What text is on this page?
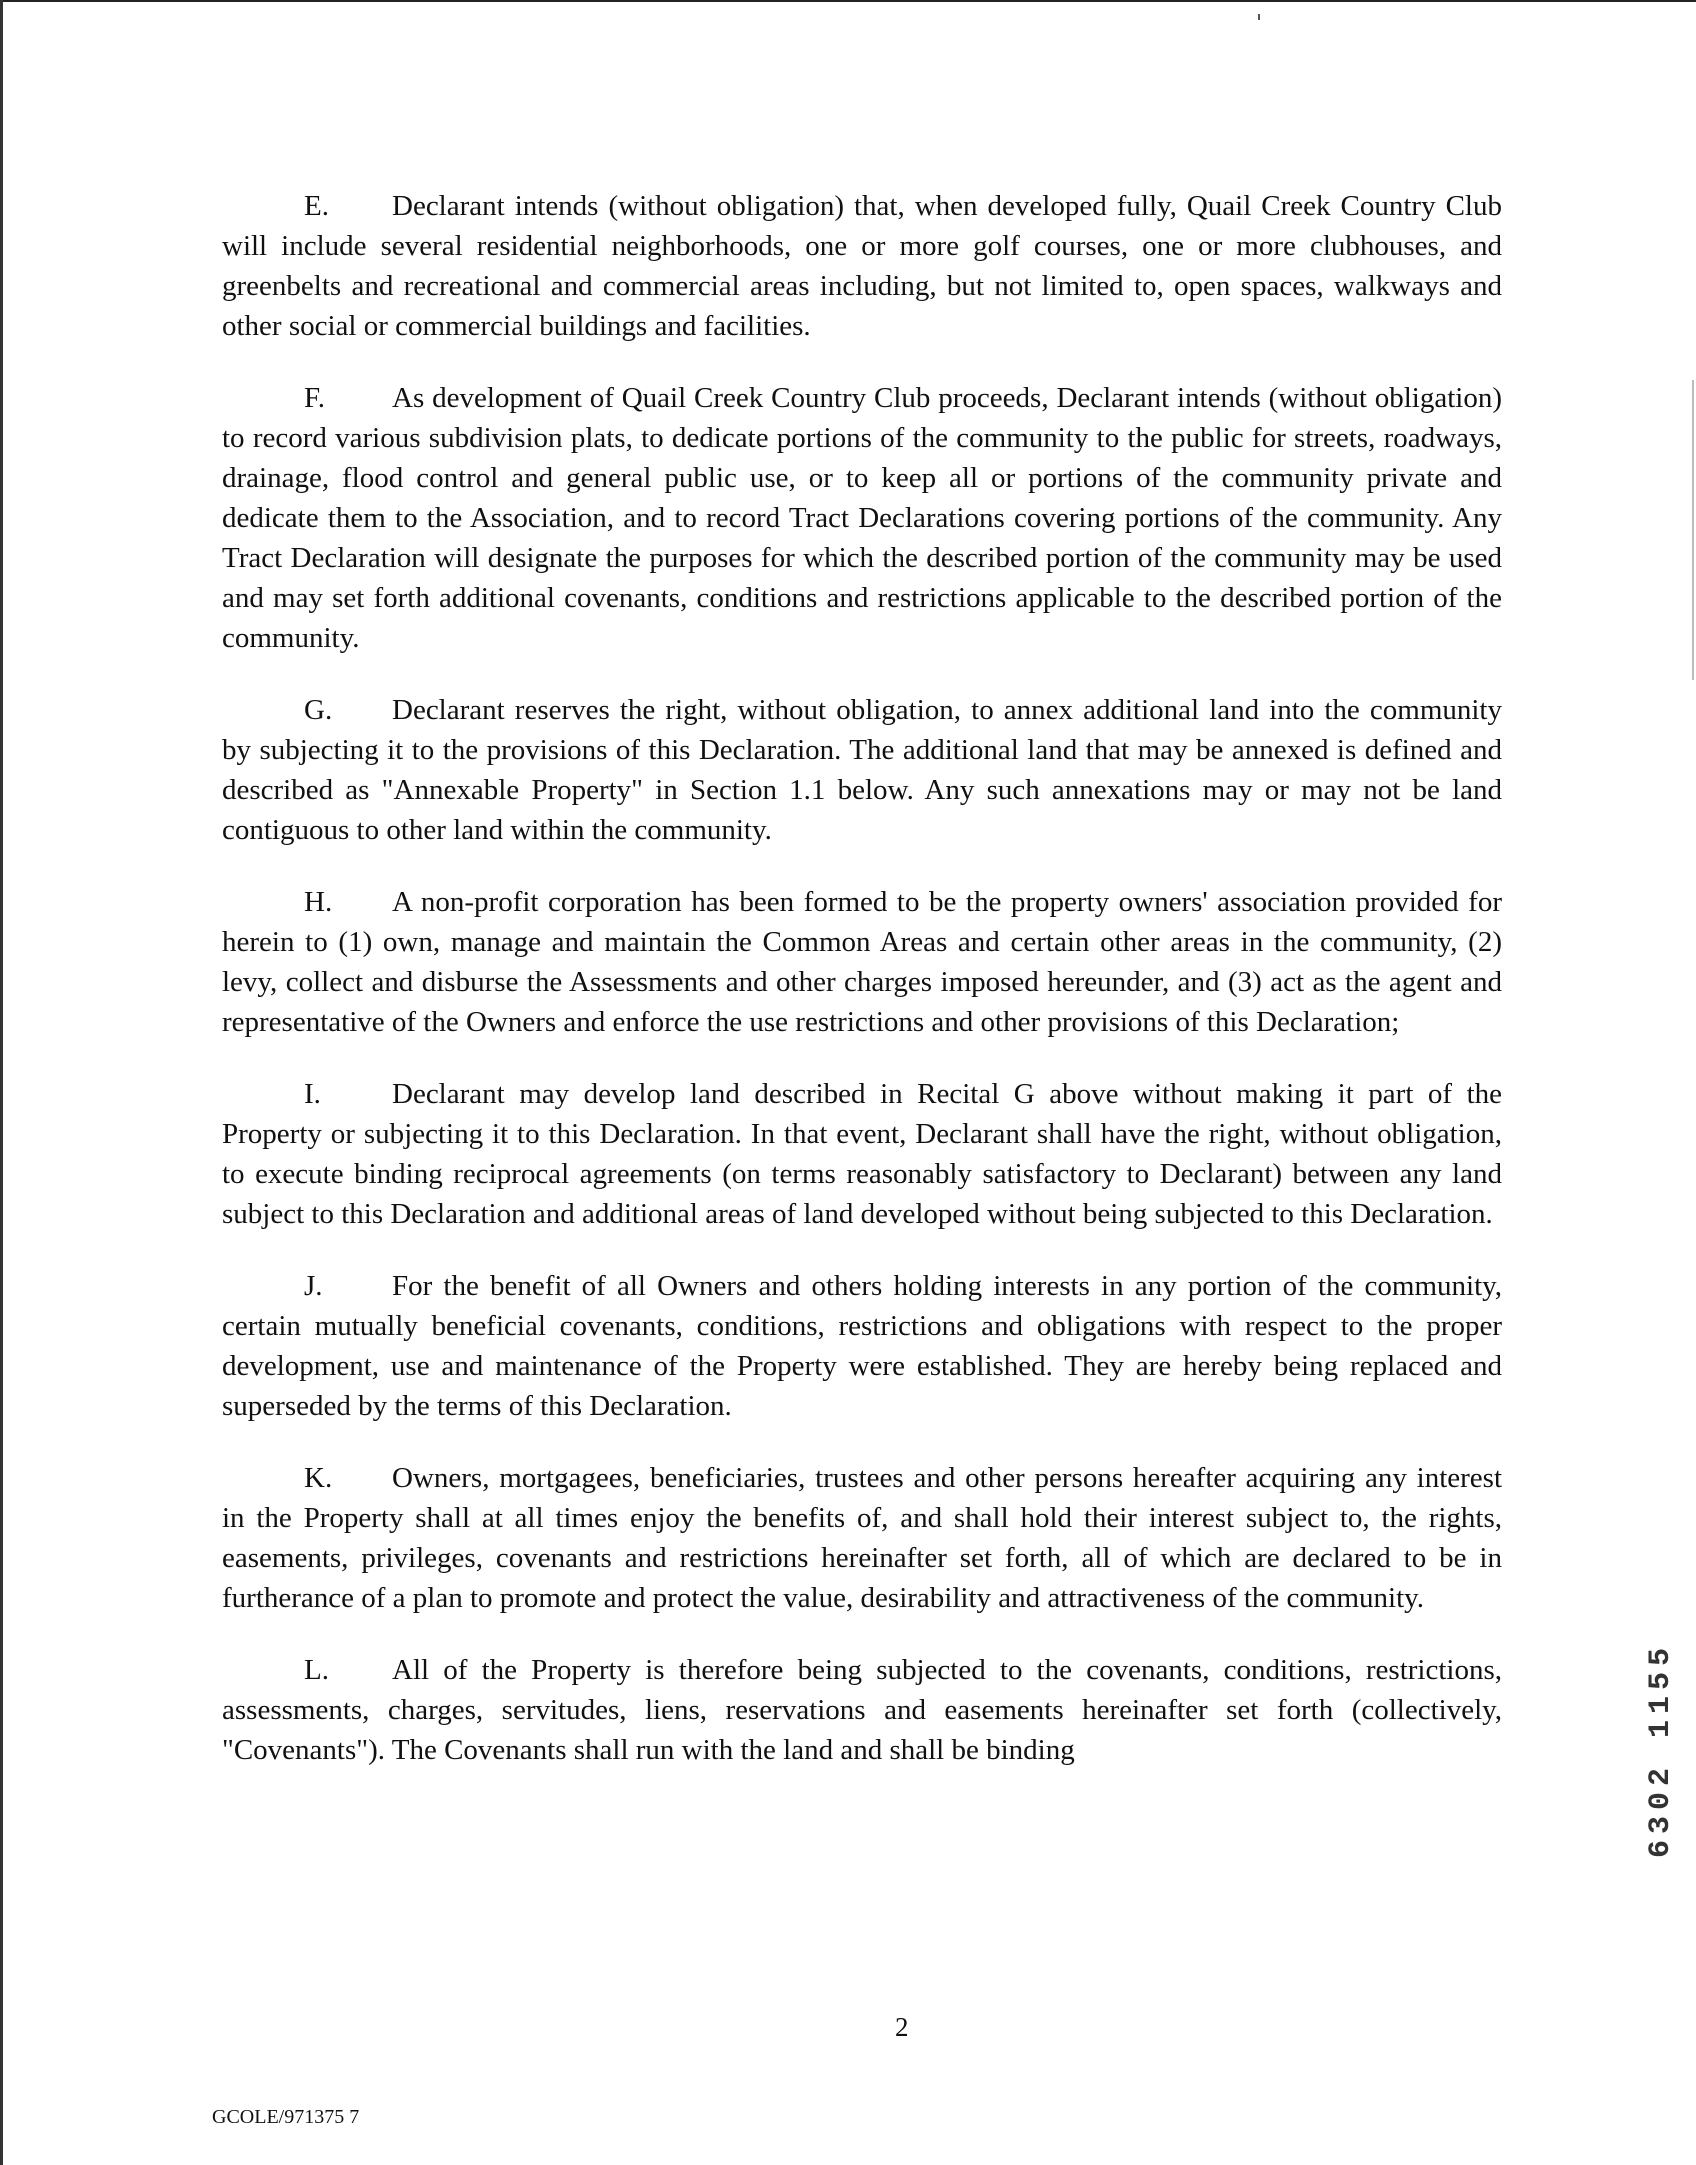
E. Declarant intends (without obligation) that, when developed fully, Quail Creek Country Club will include several residential neighborhoods, one or more golf courses, one or more clubhouses, and greenbelts and recreational and commercial areas including, but not limited to, open spaces, walkways and other social or commercial buildings and facilities.

F. As development of Quail Creek Country Club proceeds, Declarant intends (without obligation) to record various subdivision plats, to dedicate portions of the community to the public for streets, roadways, drainage, flood control and general public use, or to keep all or portions of the community private and dedicate them to the Association, and to record Tract Declarations covering portions of the community. Any Tract Declaration will designate the purposes for which the described portion of the community may be used and may set forth additional covenants, conditions and restrictions applicable to the described portion of the community.

G. Declarant reserves the right, without obligation, to annex additional land into the community by subjecting it to the provisions of this Declaration. The additional land that may be annexed is defined and described as "Annexable Property" in Section 1.1 below. Any such annexations may or may not be land contiguous to other land within the community.

H. A non-profit corporation has been formed to be the property owners' association provided for herein to (1) own, manage and maintain the Common Areas and certain other areas in the community, (2) levy, collect and disburse the Assessments and other charges imposed hereunder, and (3) act as the agent and representative of the Owners and enforce the use restrictions and other provisions of this Declaration;

I. Declarant may develop land described in Recital G above without making it part of the Property or subjecting it to this Declaration. In that event, Declarant shall have the right, without obligation, to execute binding reciprocal agreements (on terms reasonably satisfactory to Declarant) between any land subject to this Declaration and additional areas of land developed without being subjected to this Declaration.

J. For the benefit of all Owners and others holding interests in any portion of the community, certain mutually beneficial covenants, conditions, restrictions and obligations with respect to the proper development, use and maintenance of the Property were established. They are hereby being replaced and superseded by the terms of this Declaration.

K. Owners, mortgagees, beneficiaries, trustees and other persons hereafter acquiring any interest in the Property shall at all times enjoy the benefits of, and shall hold their interest subject to, the rights, easements, privileges, covenants and restrictions hereinafter set forth, all of which are declared to be in furtherance of a plan to promote and protect the value, desirability and attractiveness of the community.

L. All of the Property is therefore being subjected to the covenants, conditions, restrictions, assessments, charges, servitudes, liens, reservations and easements hereinafter set forth (collectively, "Covenants"). The Covenants shall run with the land and shall be binding	6302 1155
2
GCOLE/971375 7
